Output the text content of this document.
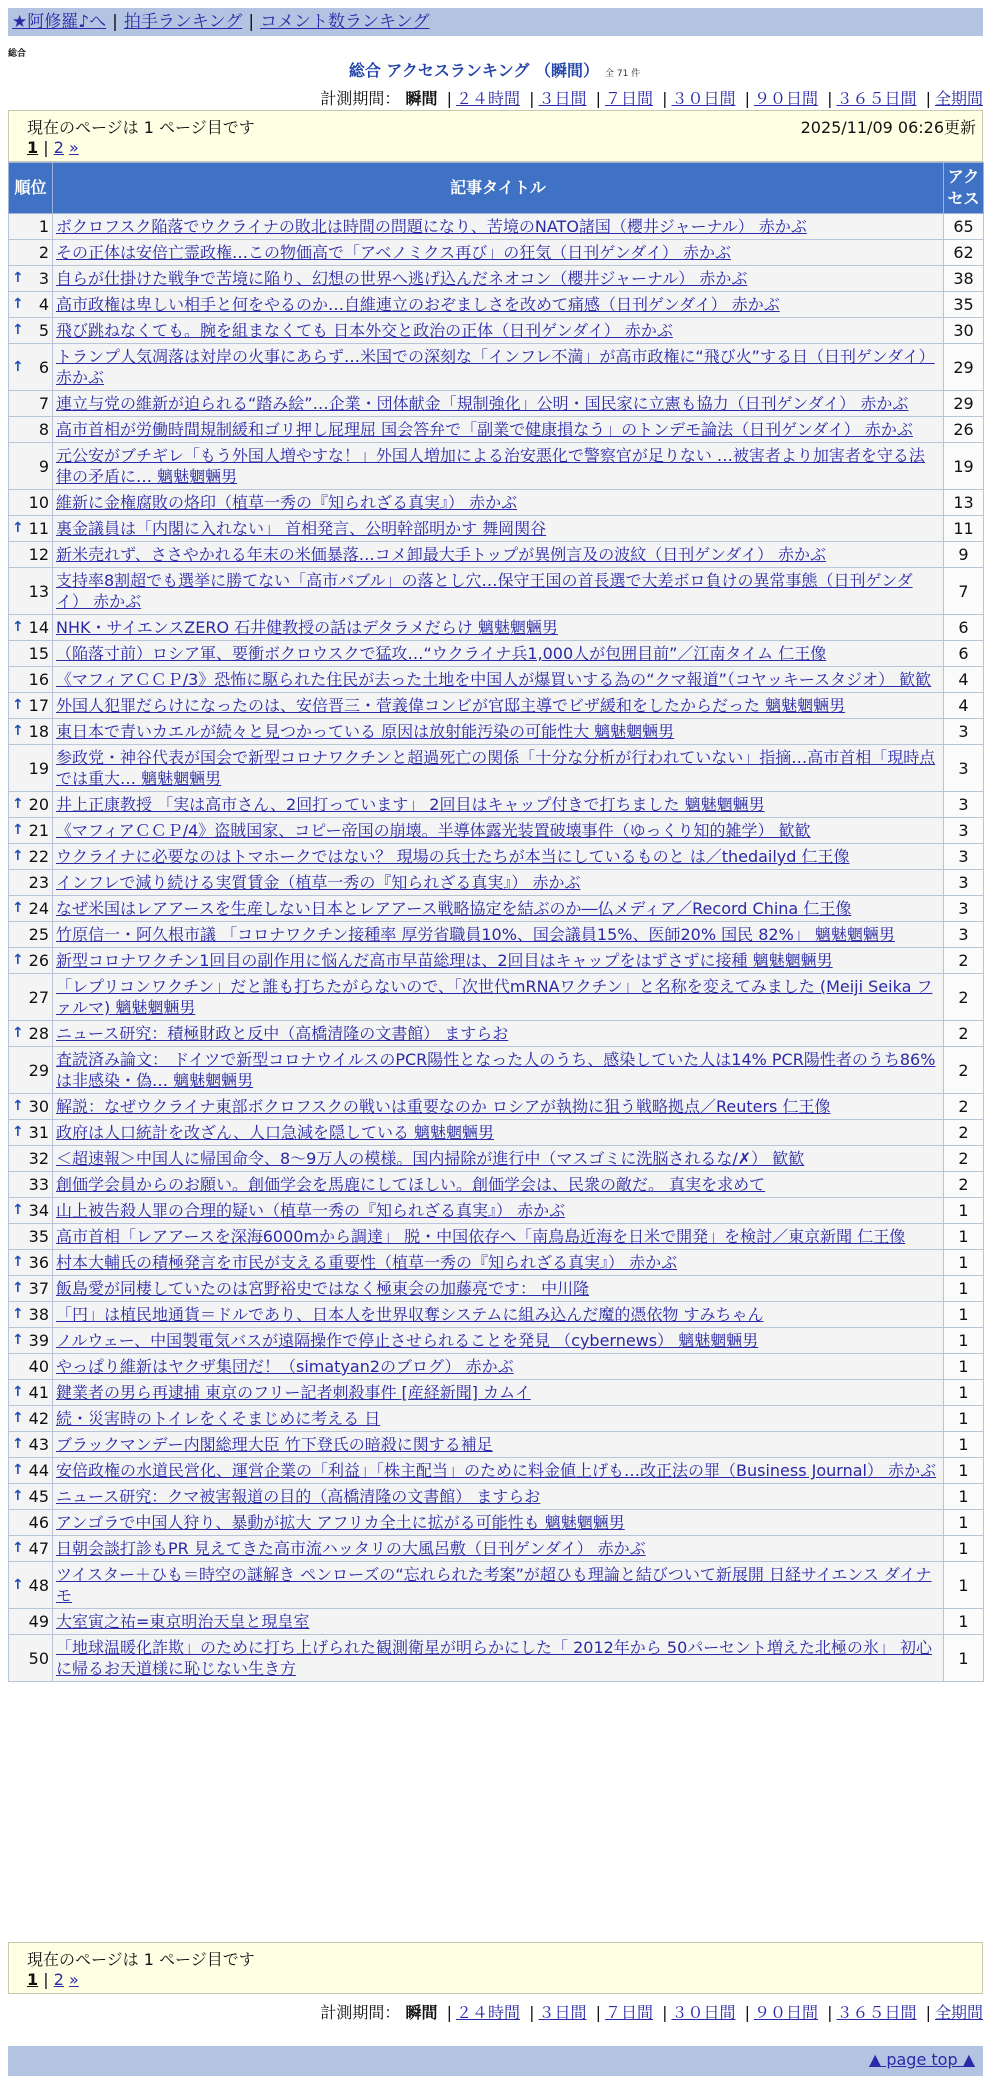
★阿修羅♪へ | 拍手ランキング | コメント数ランキング
総合
総合 アクセスランキング （瞬間） 全 71 件
計測期間： 瞬間 | ２４時間 | ３日間 | ７日間 | ３０日間 | ９０日間 | ３６５日間 | 全期間
現在のページは 1 ページ目です	2025/11/09 06:26更新
1 | 2 »
順位	記事タイトル	アクセス
1	ボクロフスク陥落でウクライナの敗北は時間の問題になり、苦境のNATO諸国（櫻井ジャーナル） 赤かぶ	65
2	その正体は安倍亡霊政権…この物価高で「アベノミクス再び」の狂気（日刊ゲンダイ） 赤かぶ	62

↑ 3	自らが仕掛けた戦争で苦境に陥り、幻想の世界へ逃げ込んだネオコン（櫻井ジャーナル） 赤かぶ	38

↑ 4	高市政権は卑しい相手と何をやるのか…自維連立のおぞましさを改めて痛感（日刊ゲンダイ） 赤かぶ	35

↑ 5	飛び跳ねなくても。腕を組まなくても 日本外交と政治の正体（日刊ゲンダイ） 赤かぶ	30

↑ 6	トランプ人気凋落は対岸の火事にあらず…米国での深刻な「インフレ不満」が高市政権に“飛び火”する日（日刊ゲンダイ） 赤かぶ	29
7	連立与党の維新が迫られる“踏み絵”…企業・団体献金「規制強化」公明・国民家に立憲も協力（日刊ゲンダイ） 赤かぶ	29
8	高市首相が労働時間規制緩和ゴリ押し屁理屈 国会答弁で「副業で健康損なう」のトンデモ論法（日刊ゲンダイ） 赤かぶ	26
9	元公安がブチギレ「もう外国人増やすな！」外国人増加による治安悪化で警察官が足りない …被害者より加害者を守る法律の矛盾に… 魑魅魍魎男	19
10	維新に金権腐敗の烙印（植草一秀の『知られざる真実』） 赤かぶ	13

↑ 11	裏金議員は「内閣に入れない」 首相発言、公明幹部明かす 舞岡関谷	11
12	新米売れず、ささやかれる年末の米価暴落…コメ卸最大手トップが異例言及の波紋（日刊ゲンダイ） 赤かぶ	9
13	支持率8割超でも選挙に勝てない「高市バブル」の落とし穴…保守王国の首長選で大差ボロ負けの異常事態（日刊ゲンダイ） 赤かぶ	7

↑ 14	NHK・サイエンスZERO 石井健教授の話はデタラメだらけ 魑魅魍魎男	6
15	（陥落寸前）ロシア軍、要衝ボクロウスクで猛攻…“ウクライナ兵1,000人が包囲目前”／江南タイム 仁王像	6
16	《マフィアＣＣＰ/3》恐怖に駆られた住民が去った土地を中国人が爆買いする為の“クマ報道”（コヤッキースタジオ） 歓歓	4

↑ 17	外国人犯罪だらけになったのは、安倍晋三・菅義偉コンビが官邸主導でビザ緩和をしたからだった 魑魅魍魎男	4

↑ 18	東日本で青いカエルが続々と見つかっている 原因は放射能汚染の可能性大 魑魅魍魎男	3
19	参政党・神谷代表が国会で新型コロナワクチンと超過死亡の関係「十分な分析が行われていない」指摘…高市首相「現時点では重大… 魑魅魍魎男	3

↑ 20	井上正康教授 「実は高市さん、2回打っています」 2回目はキャップ付きで打ちました 魑魅魍魎男	3

↑ 21	《マフィアＣＣＰ/4》盗賊国家、コピー帝国の崩壊。半導体露光装置破壊事件（ゆっくり知的雑学） 歓歓	3

↑ 22	ウクライナに必要なのはトマホークではない？ 現場の兵士たちが本当にしているものと は／thedailyd 仁王像	3
23	インフレで減り続ける実質賃金（植草一秀の『知られざる真実』） 赤かぶ	3

↑ 24	なぜ米国はレアアースを生産しない日本とレアアース戦略協定を結ぶのか―仏メディア／Record China 仁王像	3
25	竹原信一・阿久根市議 「コロナワクチン接種率 厚労省職員10%、国会議員15%、医師20% 国民 82%」 魑魅魍魎男	3

↑ 26	新型コロナワクチン1回目の副作用に悩んだ高市早苗総理は、2回目はキャップをはずさずに接種 魑魅魍魎男	2
27	「レプリコンワクチン」だと誰も打ちたがらないので、「次世代mRNAワクチン」と名称を変えてみました (Meiji Seika ファルマ) 魑魅魍魎男	2

↑ 28	ニュース研究：積極財政と反中（高橋清隆の文書館） ますらお	2
29	査読済み論文： ドイツで新型コロナウイルスのPCR陽性となった人のうち、感染していた人は14% PCR陽性者のうち86%は非感染・偽… 魑魅魍魎男	2

↑ 30	解説：なぜウクライナ東部ボクロフスクの戦いは重要なのか ロシアが執拗に狙う戦略拠点／Reuters 仁王像	2

↑ 31	政府は人口統計を改ざん、人口急減を隠している 魑魅魍魎男	2
32	＜超速報＞中国人に帰国命令、8～9万人の模様。国内掃除が進行中（マスゴミに洗脳されるな/✗） 歓歓	2
33	創価学会員からのお願い。創価学会を馬鹿にしてほしい。創価学会は、民衆の敵だ。 真実を求めて	2

↑ 34	山上被告殺人罪の合理的疑い（植草一秀の『知られざる真実』） 赤かぶ	1
35	高市首相「レアアースを深海6000mから調達」 脱・中国依存へ「南鳥島近海を日米で開発」を検討／東京新聞 仁王像	1

↑ 36	村本大輔氏の積極発言を市民が支える重要性（植草一秀の『知られざる真実』） 赤かぶ	1

↑ 37	飯島愛が同棲していたのは宮野裕史ではなく極東会の加藤亮です： 中川隆	1

↑ 38	「円」は植民地通貨＝ドルであり、日本人を世界収奪システムに組み込んだ魔的憑依物 すみちゃん	1

↑ 39	ノルウェー、中国製電気バスが遠隔操作で停止させられることを発見 （cybernews） 魑魅魍魎男	1
40	やっぱり維新はヤクザ集団だ！（simatyan2のブログ） 赤かぶ	1

↑ 41	鍵業者の男ら再逮捕 東京のフリー記者刺殺事件 [産経新聞] カムイ	1

↑ 42	続・災害時のトイレをくそまじめに考える 日	1

↑ 43	ブラックマンデー内閣総理大臣 竹下登氏の暗殺に関する補足	1

↑ 44	安倍政権の水道民営化、運営企業の「利益」「株主配当」のために料金値上げも…改正法の罪（Business Journal） 赤かぶ	1

↑ 45	ニュース研究：クマ被害報道の目的（高橋清隆の文書館） ますらお	1
46	アンゴラで中国人狩り、暴動が拡大 アフリカ全土に拡がる可能性も 魑魅魍魎男	1

↑ 47	日朝会談打診もPR 見えてきた高市流ハッタリの大風呂敷（日刊ゲンダイ） 赤かぶ	1

↑ 48	ツイスター＋ひも＝時空の謎解き ペンローズの“忘れられた考案”が超ひも理論と結びついて新展開 日経サイエンス ダイナモ	1
49	大室寅之祐=東京明治天皇と現皇室	1
50	「地球温暖化詐欺」のために打ち上げられた観測衛星が明らかにした「 2012年から 50パーセント増えた北極の氷」 初心に帰るお天道様に恥じない生き方	1
現在のページは 1 ページ目です
1 | 2 »
計測期間： 瞬間 | ２４時間 | ３日間 | ７日間 | ３０日間 | ９０日間 | ３６５日間 | 全期間
▲ page top ▲
